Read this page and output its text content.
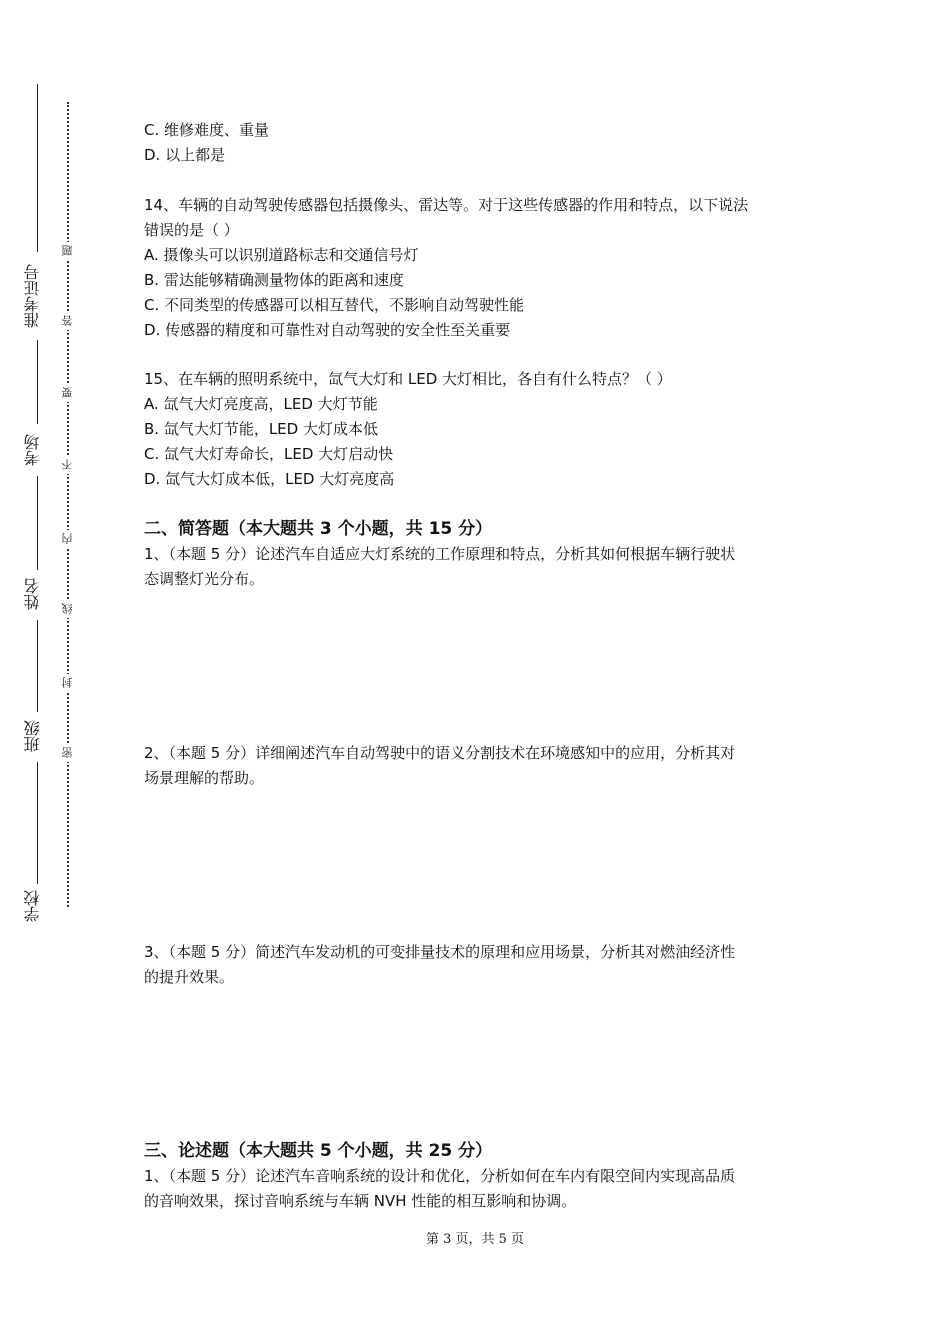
准考证号
考场
姓名
班级
学校
题
答
要
不
内
线
封
密
C. 维修难度、重量
D. 以上都是
14、车辆的自动驾驶传感器包括摄像头、雷达等。对于这些传感器的作用和特点，以下说法
错误的是（ ）
A. 摄像头可以识别道路标志和交通信号灯
B. 雷达能够精确测量物体的距离和速度
C. 不同类型的传感器可以相互替代，不影响自动驾驶性能
D. 传感器的精度和可靠性对自动驾驶的安全性至关重要
15、在车辆的照明系统中，氙气大灯和 LED 大灯相比，各自有什么特点？（ ）
A. 氙气大灯亮度高，LED 大灯节能
B. 氙气大灯节能，LED 大灯成本低
C. 氙气大灯寿命长，LED 大灯启动快
D. 氙气大灯成本低，LED 大灯亮度高
二、简答题（本大题共 3 个小题，共 15 分）
1、（本题 5 分）论述汽车自适应大灯系统的工作原理和特点，分析其如何根据车辆行驶状
态调整灯光分布。
2、（本题 5 分）详细阐述汽车自动驾驶中的语义分割技术在环境感知中的应用，分析其对
场景理解的帮助。
3、（本题 5 分）简述汽车发动机的可变排量技术的原理和应用场景，分析其对燃油经济性
的提升效果。
三、论述题（本大题共 5 个小题，共 25 分）
1、（本题 5 分）论述汽车音响系统的设计和优化，分析如何在车内有限空间内实现高品质
的音响效果，探讨音响系统与车辆 NVH 性能的相互影响和协调。
第 3 页，共 5 页
